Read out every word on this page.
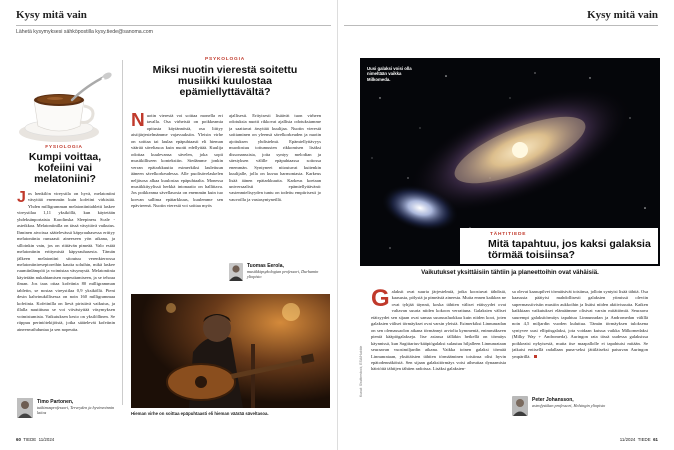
Kysy mitä vain
Lähetä kysymyksesi sähköpostilla kysy.tiede@sanoma.com
FYSIOLOGIA
Kumpi voittaa, kofeiini vai melatoniini?
J os henkilön vireystila on hyvä, melatoniini väsyttää enemmän kuin kofeiini virkistää. Yhden milligramman melatoniinitabletti laskee vireystilaa 1,11 yksiköllä, kun käytetään yhdeksänportaista Karolinska Sleepiness Scale -asteikkoa. Melatoniinilla on tässä väsyttävä vaikutus. Ihminen aivoissa säätelevässä käpyrauhasessa erittyy melatoniinia runsaasti aineeseen yön aikana, ja silloinkin vain, jos on riittävän pimeää. Valo estää melatoniinin erittymistä käpyrauhasesta. Tämän jälkeen melatoniini sitoutuu verenkierrossa melatoniinireseptoreihin kautta soluihin, mikä laskee ruumiinlämpöä ja voimistaa väsymystä. Melatoniinia käytetään nukahtamisen nopeuttamiseen, ja se tehoaa ilman. Jos taas ottaa kofeiinia 80 milligramman tabletin, se nostaa vireystilaa 0,9 yksiköllä. Pieni desin kahvinukillisessa on noin 160 milligrammaa kofeiinia. Kofeiinilla on lievä piristävä vaikutus, ja illalla nautittuna se voi viivästyttää väsymyksen voimistumista. Vaikutuksen kesto on yksilöllinen. Se riippuu perintötekijöistä, jotka säätelevät kofeiinin aineenvaihduntaa ja sen nopeutta.
Timo Partonen,
tutkimusprofessori, Terveyden ja hyvinvoinnin laitos
PSYKOLOGIA
Miksi nuotin vierestä soitettu musiikki kuulostaa epämiellyttävältä?
N uotin vierestä voi soittaa monella eri tavalla. Osa virheistä on poikkeamia opitusta käytännöstä, osa liittyy aistijärjestelmämme vajavuuksiin. Yleisin virhe on soittaa tai laulaa epäpuhtaasti eli hieman väärää säveltasoa kuin nuotti edellyttää. Kuulija odottaa kuulevansa sävelen, joka sopii musiikilliseen kontekstiin. Siedämme jonkin verran epätarkkuutta esimerkiksi laulettuun ääneen sävelkorkeudessa. Alle puolisävelaskelen neljäsosa alkaa kuulostaa epäpuhtaalta. Monessa musiikkityylissä herkkä intonaatio on hallittava. Jos poikkeama sävellasosta on enemmän kuin tuo korvan sallima epätarkkuus, kuulemme sen epävireenä. Nuotin vierestä voi soittaa myös
ajallisesti. Erityisesti lisäävät tuon virheen odotuksia nuotti rikkovat ajallisia odotuksiamme ja saattavat ärsyttää kuulijaa. Nuotin vierestä soittaminen on yleensä sävelkorkeuden ja nuotin ajoituksen yhdistelmä. Epämiellyttävyys muodostuu tottumusten rikkomisen lisäksi dissonanssista, joita syntyy melodian ja säestyksen välille epäpuhtaassa soitossa enemmän. Syntyneet nitoutuvat kuitenkin kuulijalle, jolla on kuvaa harmoniasta. Karkeus lisää äänen epätarkkuutta. Karkeus koetaan universaalisti epämiellyttävänä: vastenmielisyyden tuntu on todettu empiirisesti jo vauvoilla ja vastasyntyneillä.
Tuomas Eerola,
musiikkipsykologian professori, Durhamin yliopisto
Hieman virhe on soittaa epäpuhtaasti eli hieman väärää säveltasoa.
60 TIEDE 11/2024
Kysy mitä vain
Uusi galaksi voisi olla nimeltään vaikka Milkomeda.
TÄHTITIEDE
Mitä tapahtuu, jos kaksi galaksia törmää toisiinsa?
Vaikutukset yksittäisiin tähtiin ja planeettoihin ovat vähäisiä.
G alaksit ovat suuria järjestelmiä, jotka koostuvat tähdistä, kaasusta, pölystä ja pimeästä aineesta. Mutta ennen kaikkea ne ovat tyhjää täynnä, koska tähtien väliset etäisyydet ovat valtavan suuria niiden kokoon verrattuna. Galaksien väliset etäisyydet sen sijaan ovat samaa suuruusluokkaa kuin niiden koot, joten galaksien väliset törmäykset ovat varsin yleisiä. Esimerkiksi Linnunradan on sen olemassaolon aikana törmännyt arviolta kymmeniä, enimmäkseen pieniä kääpiögalakseja. Itse asiassa tälläkin hetkellä on törmäys käynnissä, kun Sagittarius-kääpiögalaksi sulautuu hiljalleen Linnunrataan seuraavan vuosimiljardin aikana. Vaikka toinen galaksi törmää Linnunrataan, yksittäisten tähtien törmääminen toisiinsa olisi hyvin epätodennäköistä. Sen sijaan galaksitörmäys voisi aiheuttaa dynaamisia häiriöitä tähtijen tähtien radoissa. Lisäksi galaksien-
sa olevat kaasupilvet törmäisivät toisiinsa, jolloin syntyisi lisää tähtiä. Osa kaasusta päätyisi mahdollisesti galaksien ytimissä oleviin supermassiivisiin mustiin aukkoihin ja lisäisi niiden aktiivisuutta. Kaiken kaikkiaan vaikutukset elämäämme olisivat varsin mitättömiä. Seuraava suurempi galaksitörmäys tapahtuu Linnunradan ja Andromedan välillä noin 4,5 miljardin vuoden kuluttua. Tämän törmäyksen tuloksena syntyvee uusi elliptisgalaksi, jota voidaan kutsua vaikka Milkomedaksi (Milky Way + Andromeda). Auringon rata tässä uudessa galaksissa poikkeaisi nykyisestä, mutta itse maapallolle ei tapahtuisi mitään. Se jatkaisi entisellä radallaan puna-seksi jättiläiseksi paisuvan Auringon ympärillä.
Peter Johansson,
astrofysiikan professori, Helsingin yliopisto
Kuvat: Shutterstock, ESA/Hubble
11/2024 TIEDE 61
